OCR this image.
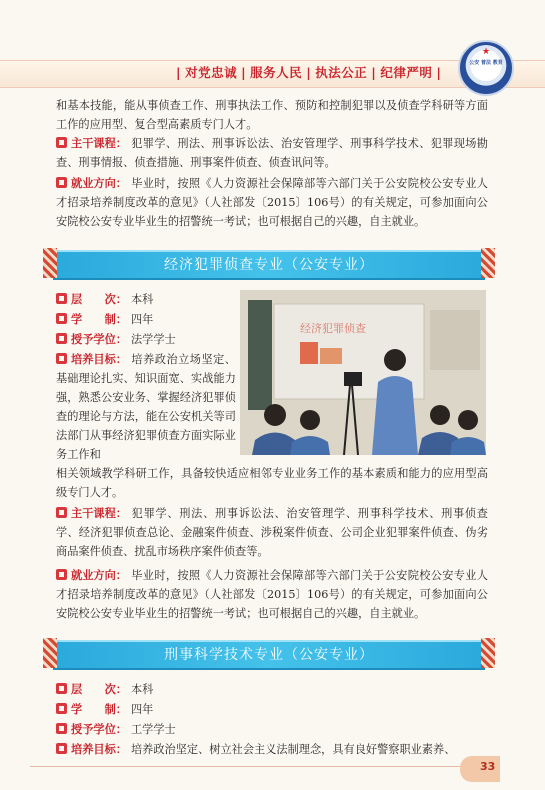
| 对党忠诚 | 服务人民 | 执法公正 | 纪律严明 |
★
公安 普法 教育

和基本技能，能从事侦查工作、刑事执法工作、预防和控制犯罪以及侦查学科研等方面工作的应用型、复合型高素质专门人才。

主干课程： 犯罪学、刑法、刑事诉讼法、治安管理学、刑事科学技术、犯罪现场勘查、刑事情报、侦查措施、刑事案件侦查、侦查讯问等。

就业方向： 毕业时，按照《人力资源社会保障部等六部门关于公安院校公安专业人才招录培养制度改革的意见》（人社部发〔2015〕106号）的有关规定，可参加面向公安院校公安专业毕业生的招警统一考试；也可根据自己的兴趣，自主就业。

经济犯罪侦查专业（公安专业）

层　　次： 本科

学　　制： 四年

授予学位： 法学学士

经济犯罪侦查

培养目标： 培养政治立场坚定、基础理论扎实、知识面宽、实战能力强，熟悉公安业务、掌握经济犯罪侦查的理论与方法，能在公安机关等司法部门从事经济犯罪侦查方面实际业务工作和

相关领域教学科研工作，具备较快适应相邻专业业务工作的基本素质和能力的应用型高级专门人才。

主干课程： 犯罪学、刑法、刑事诉讼法、治安管理学、刑事科学技术、刑事侦查学、经济犯罪侦查总论、金融案件侦查、涉税案件侦查、公司企业犯罪案件侦查、伪劣商品案件侦查、扰乱市场秩序案件侦查等。

就业方向： 毕业时，按照《人力资源社会保障部等六部门关于公安院校公安专业人才招录培养制度改革的意见》（人社部发〔2015〕106号）的有关规定，可参加面向公安院校公安专业毕业生的招警统一考试；也可根据自己的兴趣，自主就业。

刑事科学技术专业（公安专业）

层　　次： 本科

学　　制： 四年

授予学位： 工学学士

培养目标： 培养政治坚定、树立社会主义法制理念，具有良好警察职业素养、

33
